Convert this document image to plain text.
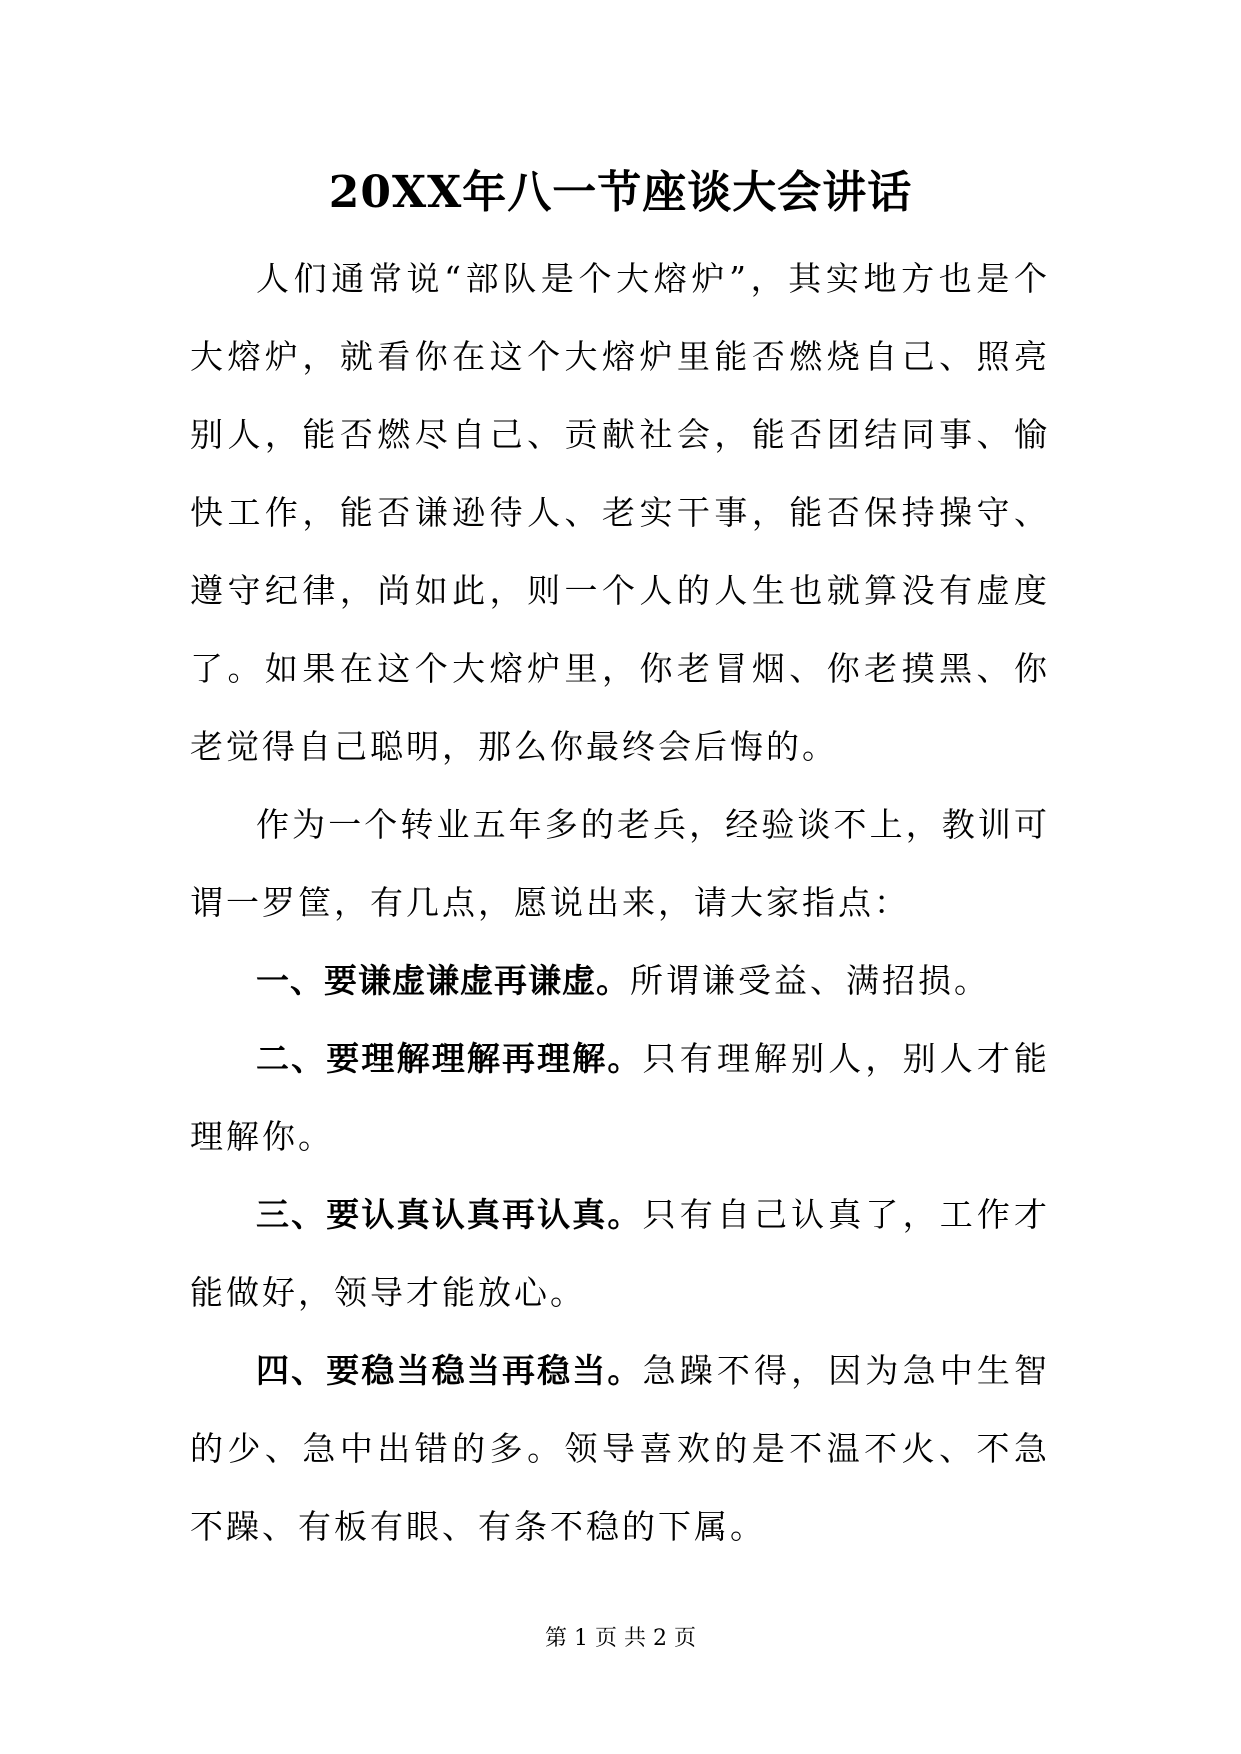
20XX年八一节座谈大会讲话

人们通常说“部队是个大熔炉”，其实地方也是个大熔炉，就看你在这个大熔炉里能否燃烧自己、照亮别人，能否燃尽自己、贡献社会，能否团结同事、愉快工作，能否谦逊待人、老实干事，能否保持操守、遵守纪律，尚如此，则一个人的人生也就算没有虚度了。如果在这个大熔炉里，你老冒烟、你老摸黑、你老觉得自己聪明，那么你最终会后悔的。

作为一个转业五年多的老兵，经验谈不上，教训可谓一罗筐，有几点，愿说出来，请大家指点：

一、要谦虚谦虚再谦虚。所谓谦受益、满招损。

二、要理解理解再理解。只有理解别人，别人才能理解你。

三、要认真认真再认真。只有自己认真了，工作才能做好，领导才能放心。

四、要稳当稳当再稳当。急躁不得，因为急中生智的少、急中出错的多。领导喜欢的是不温不火、不急不躁、有板有眼、有条不稳的下属。

第 1 页 共 2 页
